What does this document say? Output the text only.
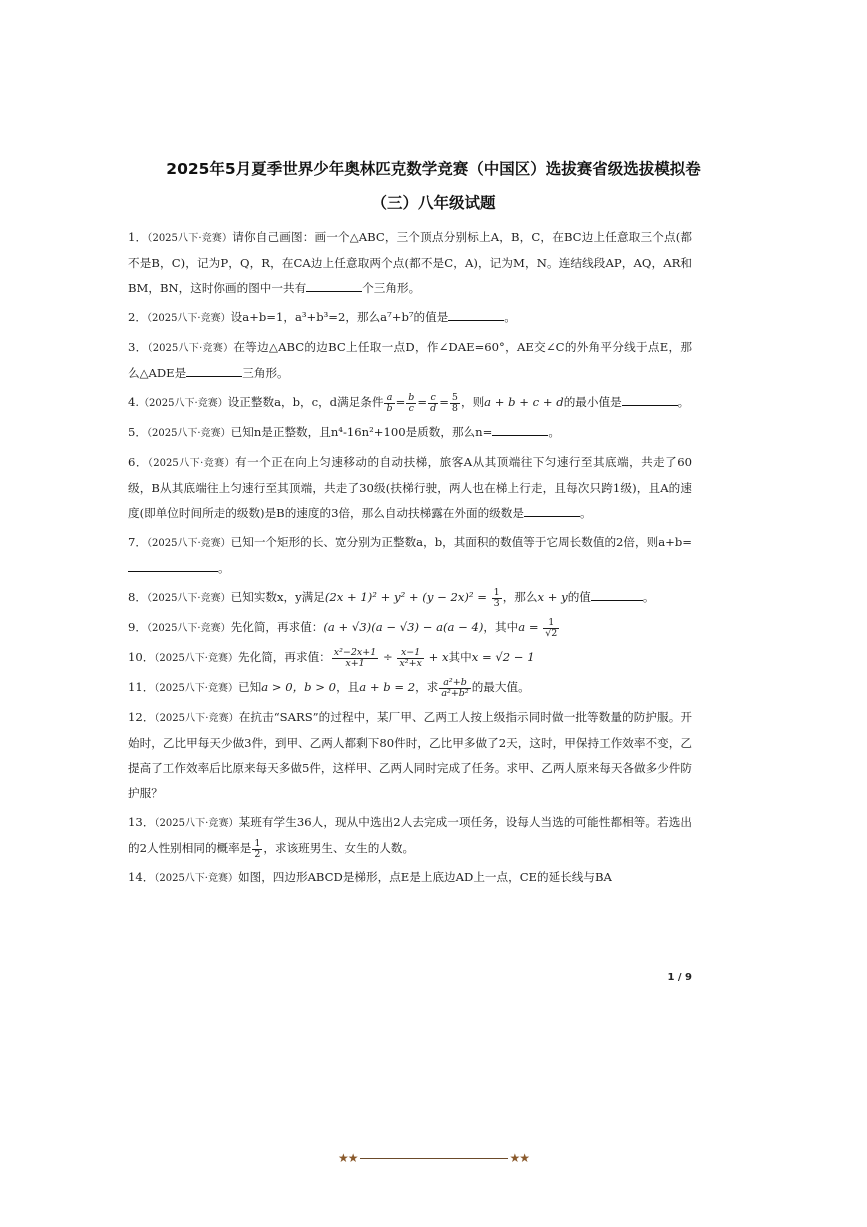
2025年5月夏季世界少年奥林匹克数学竞赛（中国区）选拔赛省级选拔模拟卷
（三）八年级试题

1．（2025八下·竞赛）请你自己画图：画一个△ABC，三个顶点分别标上A，B，C，在BC边上任意取三个点(都不是B，C)，记为P，Q，R，在CA边上任意取两个点(都不是C，A)，记为M，N。连结线段AP，AQ，AR和BM，BN，这时你画的图中一共有	个三角形。

2．（2025八下·竞赛）设a+b=1，a³+b³=2，那么a⁷+b⁷的值是	。

3．（2025八下·竞赛）在等边△ABC的边BC上任取一点D，作∠DAE=60°，AE交∠C的外角平分线于点E，那么△ADE是	三角形。

4.（2025八下·竞赛）设正整数a，b，c，d满足条件 $\frac{a}{b} = \frac{b}{c} = \frac{c}{d} = \frac{5}{8}$ ，则a + b + c + d的最小值是	。

5．（2025八下·竞赛）已知n是正整数，且n⁴-16n²+100是质数，那么n=	。

6．（2025八下·竞赛）有一个正在向上匀速移动的自动扶梯，旅客A从其顶端往下匀速行至其底端，共走了60级，B从其底端往上匀速行至其顶端，共走了30级(扶梯行驶，两人也在梯上行走，且每次只跨1级)，且A的速度(即单位时间所走的级数)是B的速度的3倍，那么自动扶梯露在外面的级数是	。

7．（2025八下·竞赛）已知一个矩形的长、宽分别为正整数a，b，其面积的数值等于它周长数值的2倍，则a+b=。

8．（2025八下·竞赛）已知实数x，y满足$(2x + 1)^2 + y^2 + (y - 2x)^2 = \frac{1}{3}$ ，那么x + y的值	。

9．（2025八下·竞赛）先化简，再求值：(a + √3)(a − √3) − a(a − 4)，其中$a = \frac{1}{√2}$

10．（2025八下·竞赛）先化简，再求值： $\frac{\text{x²−2x+1}}{x+1} \div \frac{x-1}{\text{x²+x}} + x$其中x = √2 − 1

11．（2025八下·竞赛）已知a > 0，b > 0，且a + b = 2，求 $\frac{\text{a²+b}}{\text{a²+b²}}$ 的最大值。

12．（2025八下·竞赛）在抗击“SARS”的过程中，某厂甲、乙两工人按上级指示同时做一批等数量的防护服。开始时，乙比甲每天少做3件，到甲、乙两人都剩下80件时，乙比甲多做了2天，这时，甲保持工作效率不变，乙提高了工作效率后比原来每天多做5件，这样甲、乙两人同时完成了任务。求甲、乙两人原来每天各做多少件防护服？

13．（2025八下·竞赛）某班有学生36人，现从中选出2人去完成一项任务，设每人当选的可能性都相等。若选出的2人性别相同的概率是 $\frac{1}{2}$ ，求该班男生、女生的人数。

14．（2025八下·竞赛）如图，四边形ABCD是梯形，点E是上底边AD上一点，CE的延长线与BA

1 / 9
★★	★★
